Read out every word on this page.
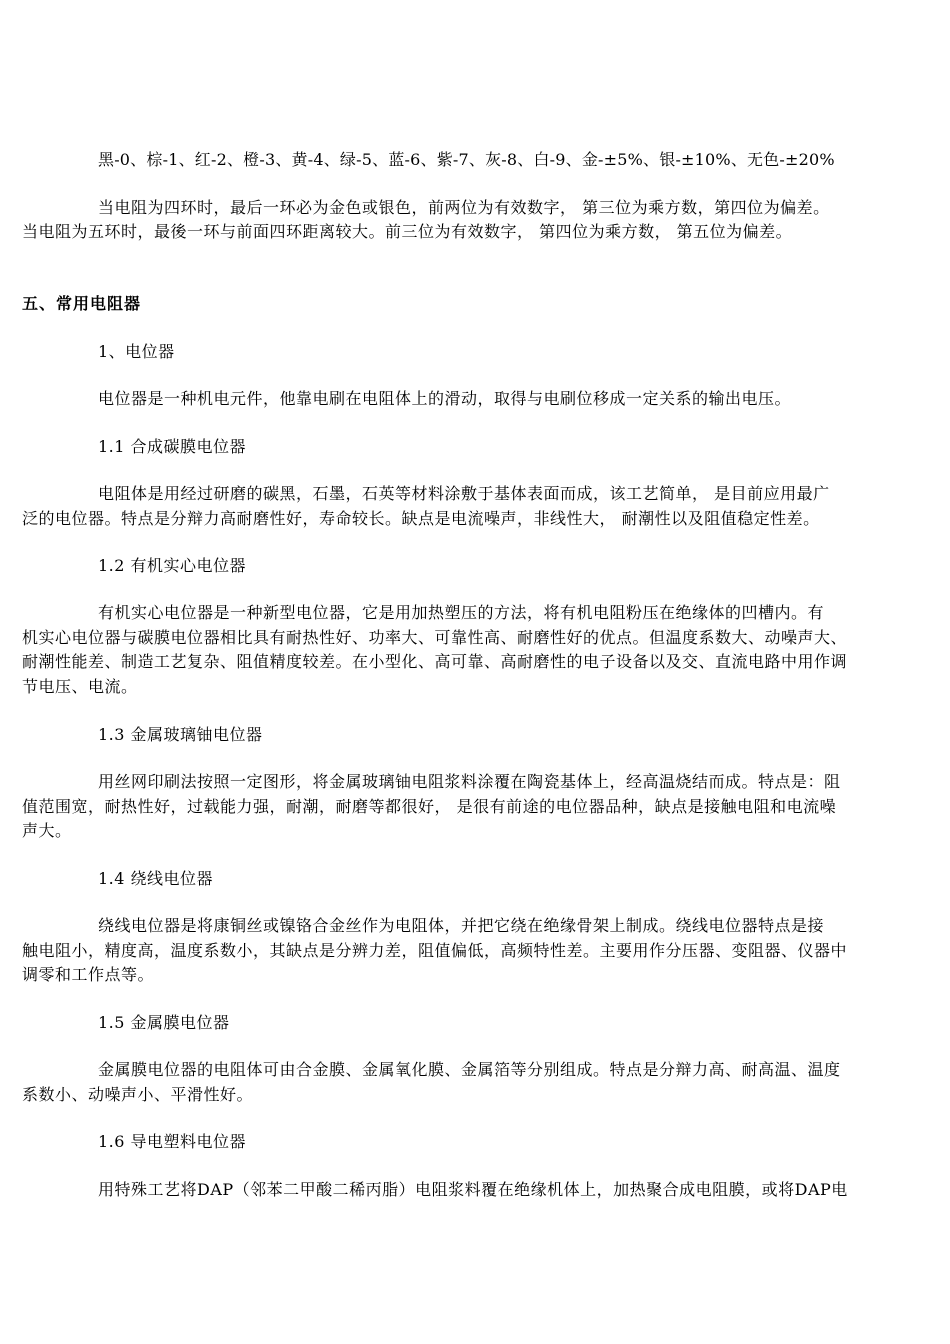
黑-0、棕-1、红-2、橙-3、黄-4、绿-5、蓝-6、紫-7、灰-8、白-9、金-±5%、银-±10%、无色-±20%
当电阻为四环时，最后一环必为金色或银色，前两位为有效数字， 第三位为乘方数，第四位为偏差。
当电阻为五环时，最後一环与前面四环距离较大。前三位为有效数字， 第四位为乘方数， 第五位为偏差。
五、常用电阻器
1、电位器
电位器是一种机电元件，他靠电刷在电阻体上的滑动，取得与电刷位移成一定关系的输出电压。
1.1 合成碳膜电位器
电阻体是用经过研磨的碳黑，石墨，石英等材料涂敷于基体表面而成，该工艺简单， 是目前应用最广
泛的电位器。特点是分辩力高耐磨性好，寿命较长。缺点是电流噪声，非线性大， 耐潮性以及阻值稳定性差。
1.2 有机实心电位器
有机实心电位器是一种新型电位器，它是用加热塑压的方法，将有机电阻粉压在绝缘体的凹槽内。有
机实心电位器与碳膜电位器相比具有耐热性好、功率大、可靠性高、耐磨性好的优点。但温度系数大、动噪声大、
耐潮性能差、制造工艺复杂、阻值精度较差。在小型化、高可靠、高耐磨性的电子设备以及交、直流电路中用作调
节电压、电流。
1.3 金属玻璃铀电位器
用丝网印刷法按照一定图形，将金属玻璃铀电阻浆料涂覆在陶瓷基体上，经高温烧结而成。特点是：阻
值范围宽，耐热性好，过载能力强，耐潮，耐磨等都很好， 是很有前途的电位器品种，缺点是接触电阻和电流噪
声大。
1.4 绕线电位器
绕线电位器是将康铜丝或镍铬合金丝作为电阻体，并把它绕在绝缘骨架上制成。绕线电位器特点是接
触电阻小，精度高，温度系数小，其缺点是分辨力差，阻值偏低，高频特性差。主要用作分压器、变阻器、仪器中
调零和工作点等。
1.5 金属膜电位器
金属膜电位器的电阻体可由合金膜、金属氧化膜、金属箔等分别组成。特点是分辩力高、耐高温、温度
系数小、动噪声小、平滑性好。
1.6 导电塑料电位器
用特殊工艺将DAP（邻苯二甲酸二稀丙脂）电阻浆料覆在绝缘机体上，加热聚合成电阻膜，或将DAP电
